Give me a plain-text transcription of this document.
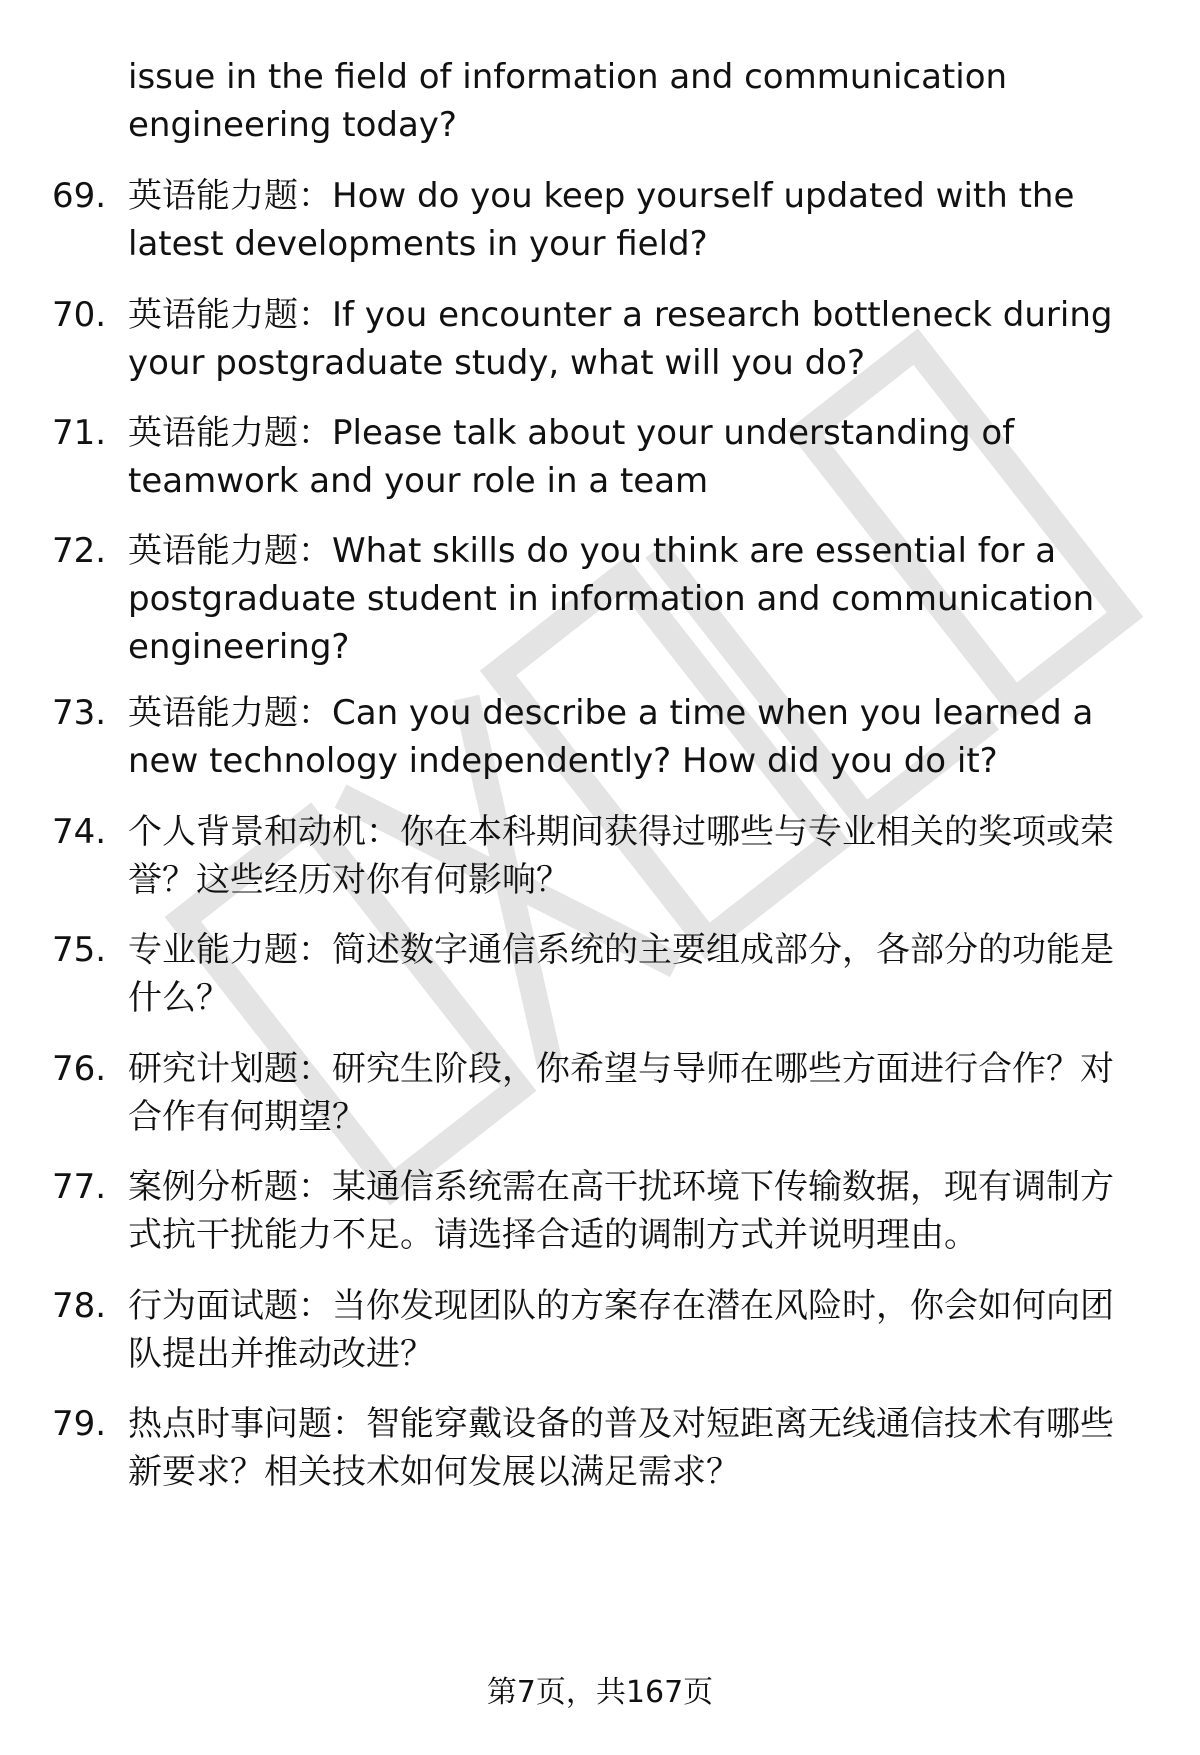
issue in the field of information and communication engineering today?
69. 英语能力题：How do you keep yourself updated with the latest developments in your field?
70. 英语能力题：If you encounter a research bottleneck during your postgraduate study, what will you do?
71. 英语能力题：Please talk about your understanding of teamwork and your role in a team
72. 英语能力题：What skills do you think are essential for a postgraduate student in information and communication engineering?
73. 英语能力题：Can you describe a time when you learned a new technology independently? How did you do it?
74. 个人背景和动机：你在本科期间获得过哪些与专业相关的奖项或荣誉？这些经历对你有何影响？
75. 专业能力题：简述数字通信系统的主要组成部分，各部分的功能是什么？
76. 研究计划题：研究生阶段，你希望与导师在哪些方面进行合作？对合作有何期望？
77. 案例分析题：某通信系统需在高干扰环境下传输数据，现有调制方式抗干扰能力不足。请选择合适的调制方式并说明理由。
78. 行为面试题：当你发现团队的方案存在潜在风险时，你会如何向团队提出并推动改进？
79. 热点时事问题：智能穿戴设备的普及对短距离无线通信技术有哪些新要求？相关技术如何发展以满足需求？
第7页，共167页
